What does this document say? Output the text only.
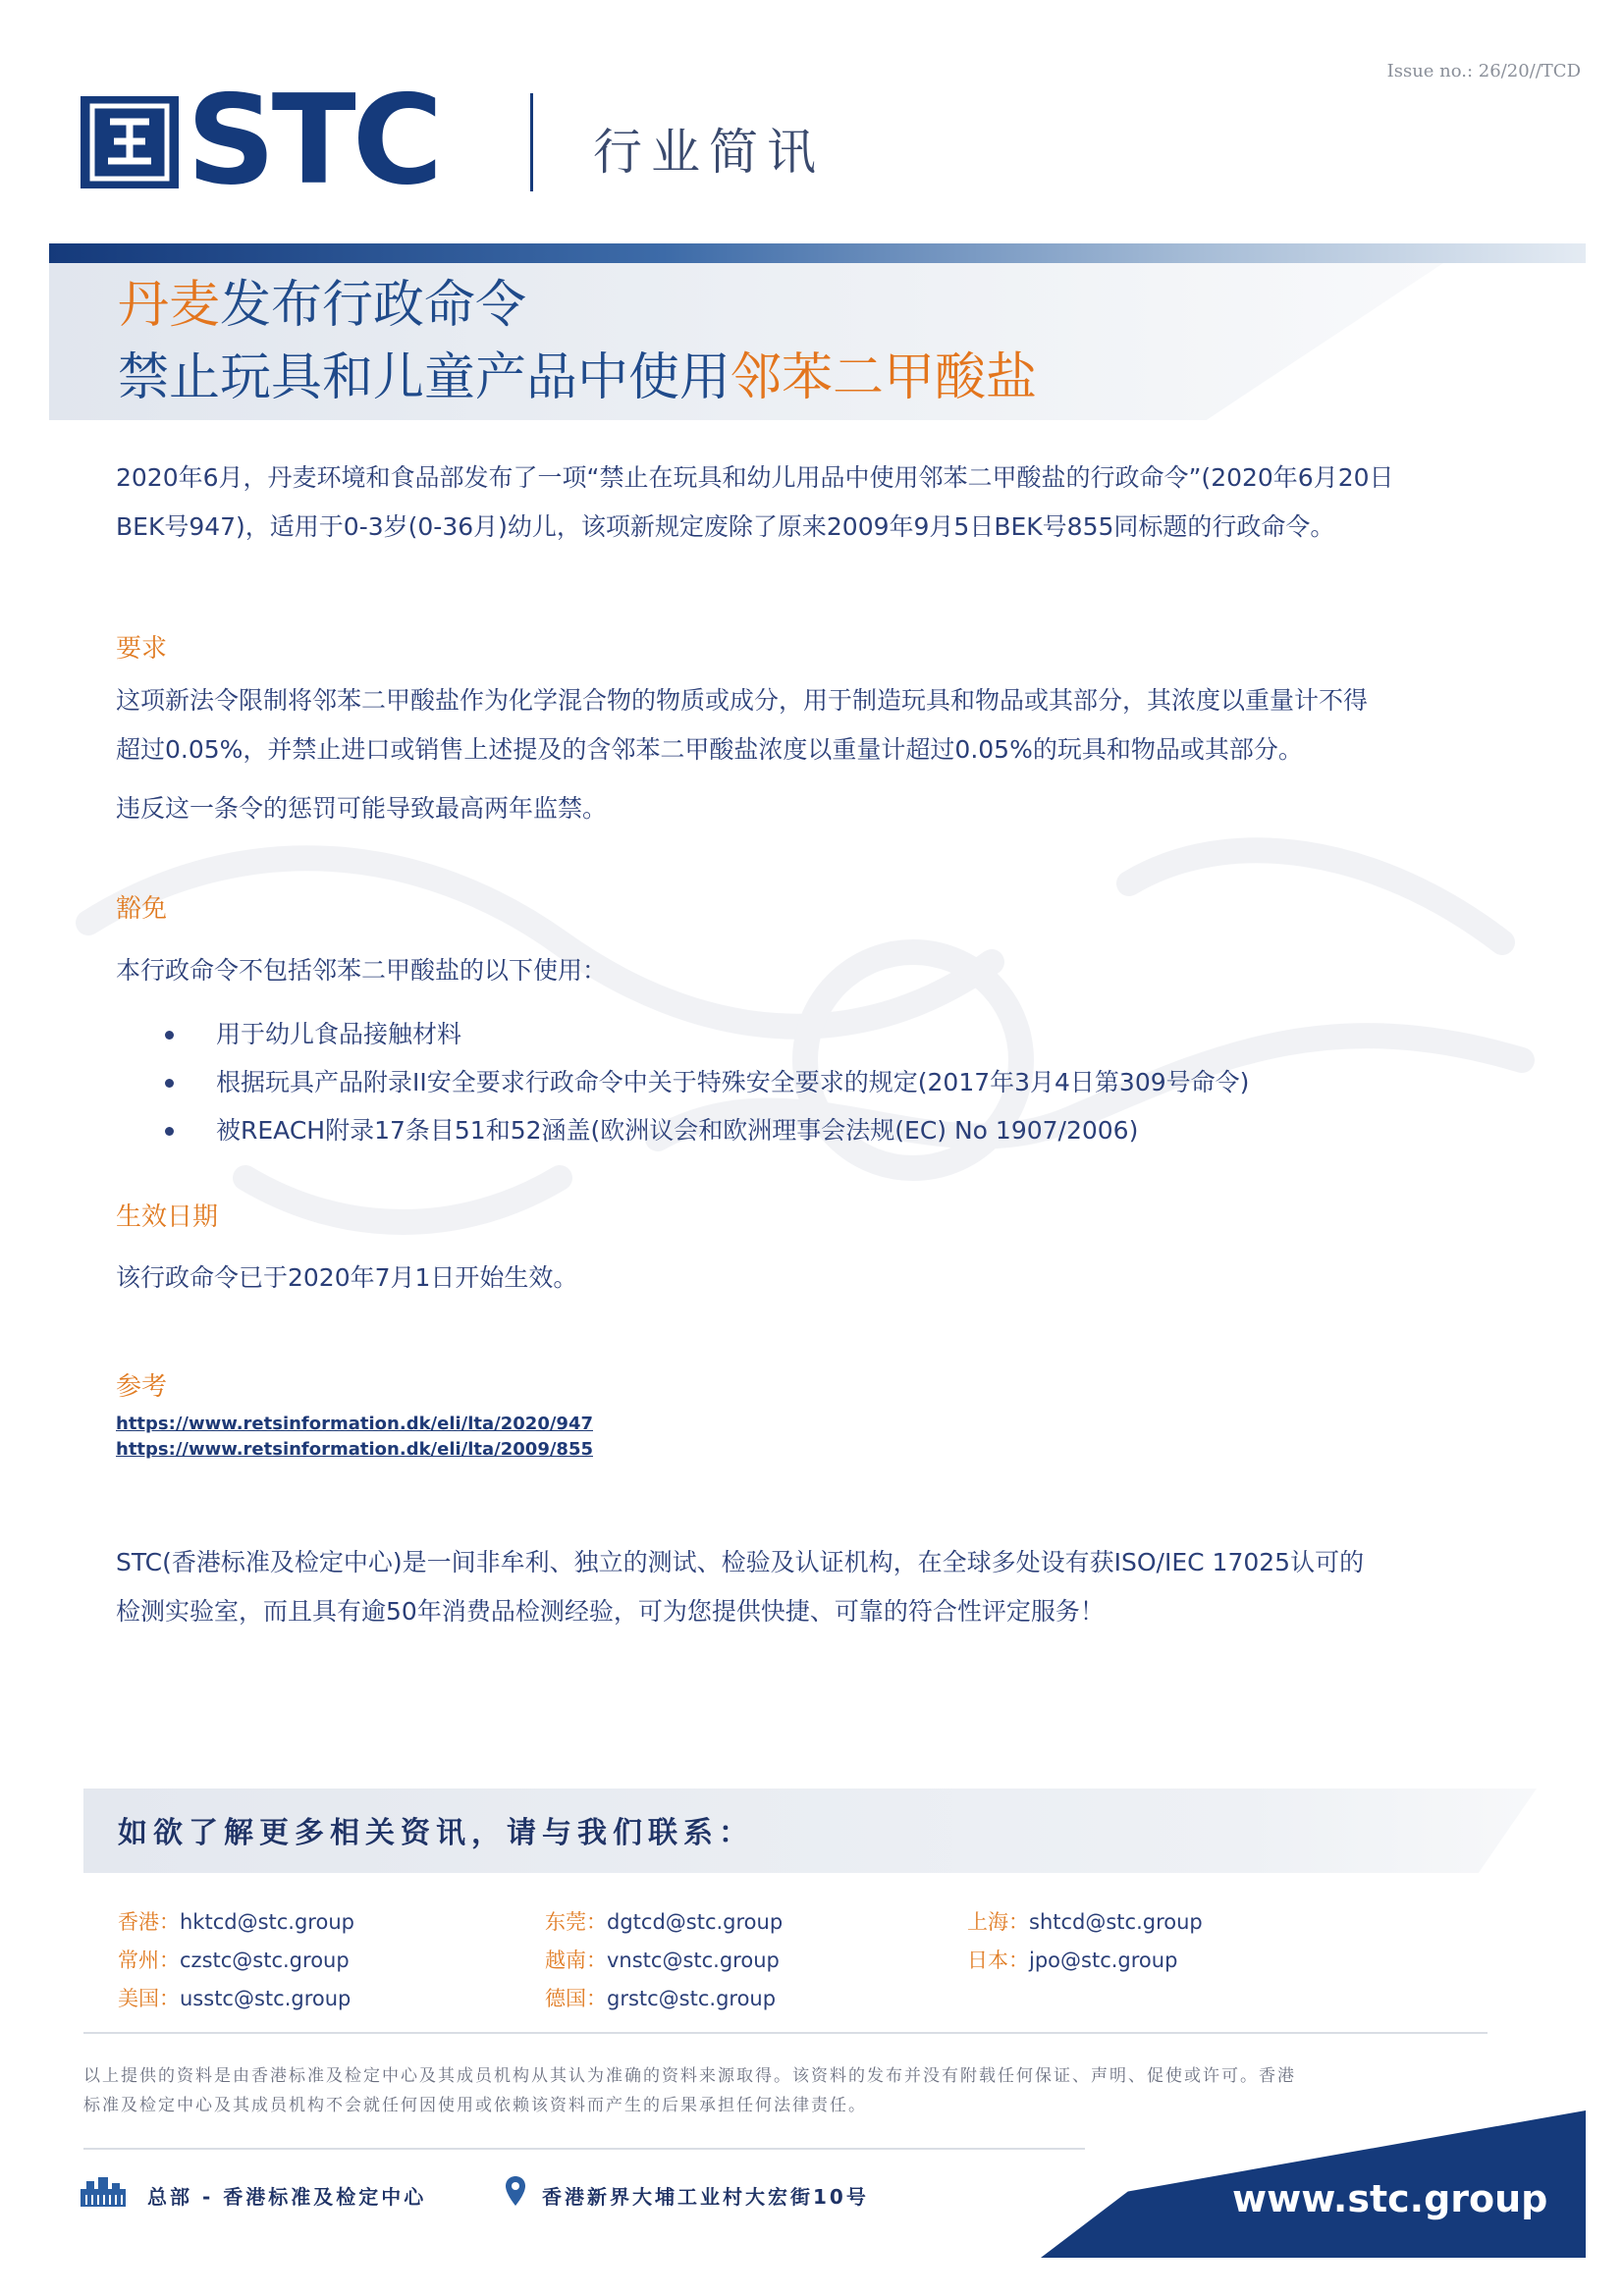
Issue no.: 26/20//TCD
STC	行业简讯
丹麦发布行政命令
禁止玩具和儿童产品中使用邻苯二甲酸盐
2020年6月，丹麦环境和食品部发布了一项“禁止在玩具和幼儿用品中使用邻苯二甲酸盐的行政命令”(2020年6月20日
BEK号947)，适用于0-3岁(0-36月)幼儿，该项新规定废除了原来2009年9月5日BEK号855同标题的行政命令。
要求
这项新法令限制将邻苯二甲酸盐作为化学混合物的物质或成分，用于制造玩具和物品或其部分，其浓度以重量计不得
超过0.05%，并禁止进口或销售上述提及的含邻苯二甲酸盐浓度以重量计超过0.05%的玩具和物品或其部分。
违反这一条令的惩罚可能导致最高两年监禁。
豁免
本行政命令不包括邻苯二甲酸盐的以下使用：
用于幼儿食品接触材料
根据玩具产品附录II安全要求行政命令中关于特殊安全要求的规定(2017年3月4日第309号命令)
被REACH附录17条目51和52涵盖(欧洲议会和欧洲理事会法规(EC) No 1907/2006)
生效日期
该行政命令已于2020年7月1日开始生效。
参考
https://www.retsinformation.dk/eli/lta/2020/947
https://www.retsinformation.dk/eli/lta/2009/855
STC(香港标准及检定中心)是一间非牟利、独立的测试、检验及认证机构，在全球多处设有获ISO/IEC 17025认可的
检测实验室，而且具有逾50年消费品检测经验，可为您提供快捷、可靠的符合性评定服务！
如欲了解更多相关资讯，请与我们联系：
香港：hktcd@stc.group	东莞：dgtcd@stc.group	上海：shtcd@stc.group
常州：czstc@stc.group	越南：vnstc@stc.group	日本：jpo@stc.group
美国：usstc@stc.group	德国：grstc@stc.group
以上提供的资料是由香港标准及检定中心及其成员机构从其认为准确的资料来源取得。该资料的发布并没有附载任何保证、声明、促使或许可。香港
标准及检定中心及其成员机构不会就任何因使用或依赖该资料而产生的后果承担任何法律责任。
总部 - 香港标准及检定中心	香港新界大埔工业村大宏街10号	www.stc.group
